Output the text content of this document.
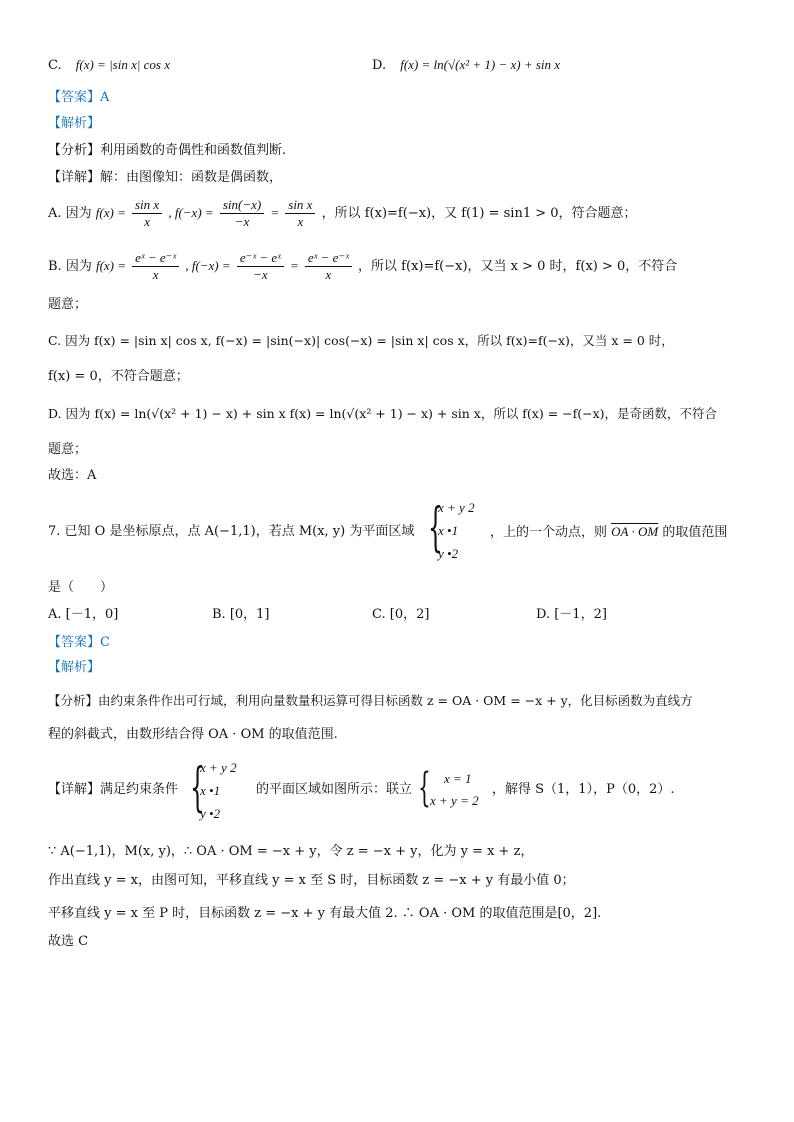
C. f(x) = |sin x| cos x	D. f(x) = ln(√(x² + 1) − x) + sin x
【答案】A
【解析】
【分析】利用函数的奇偶性和函数值判断.
【详解】解：由图像知：函数是偶函数，
A. 因为 $f(x) = \frac{\text{sin x}}{x}$ , $f(-x) = \frac{\sin(-x)}{-x} = \frac{\text{sin x}}{x}$ ，所以 f(x)=f(−x)，又 f(1) = sin1 > 0，符合题意；
B. 因为 $f(x) = \frac{\text{eˣ − e⁻ˣ}}{x}$ , $f(-x) = \frac{\text{e⁻ˣ − eˣ}}{-x} = \frac{\text{eˣ − e⁻ˣ}}{x}$ ，所以 f(x)=f(−x)，又当 x > 0 时，f(x) > 0，不符合
题意；
C. 因为 f(x) = |sin x| cos x, f(−x) = |sin(−x)| cos(−x) = |sin x| cos x，所以 f(x)=f(−x)，又当 x = 0 时，
f(x) = 0，不符合题意；
D. 因为 f(x) = ln(√(x² + 1) − x) + sin x f(x) = ln(√(x² + 1) − x) + sin x，所以 f(x) = −f(−x)，是奇函数，不符合
题意；
故选：A
7. 已知 O 是坐标原点，点 A(−1,1)，若点 M(x, y) 为平面区域 {
x + y 2
x •1
y •2
，上的一个动点，则 OA · OM 的取值范围
是（　　）
A. [－1，0]	B. [0，1]	C. [0，2]	D. [－1，2]
【答案】C
【解析】
【分析】由约束条件作出可行域，利用向量数量积运算可得目标函数 z = OA · OM = −x + y，化目标函数为直线方
程的斜截式，由数形结合得 OA · OM 的取值范围.
【详解】满足约束条件 {
x + y 2
x •1
y •2
的平面区域如图所示：联立 {	x = 1
x + y = 2
，解得 S（1，1），P（0，2）.
∵ A(−1,1)，M(x, y)，∴ OA · OM = −x + y，令 z = −x + y，化为 y = x + z，
作出直线 y = x，由图可知，平移直线 y = x 至 S 时，目标函数 z = −x + y 有最小值 0；
平移直线 y = x 至 P 时，目标函数 z = −x + y 有最大值 2. ∴ OA · OM 的取值范围是[0，2].
故选 C
